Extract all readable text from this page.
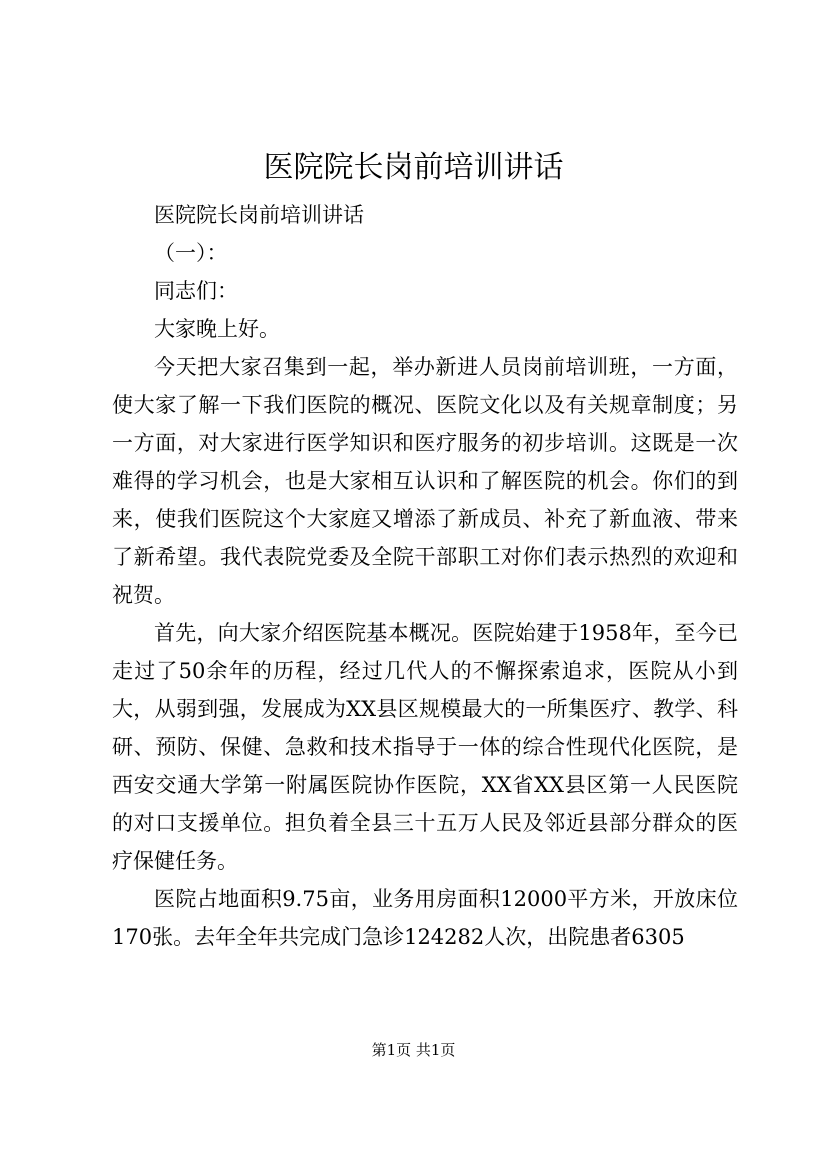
医院院长岗前培训讲话

医院院长岗前培训讲话

（一）：

同志们：

大家晚上好。

今天把大家召集到一起，举办新进人员岗前培训班，一方面，使大家了解一下我们医院的概况、医院文化以及有关规章制度；另一方面，对大家进行医学知识和医疗服务的初步培训。这既是一次难得的学习机会，也是大家相互认识和了解医院的机会。你们的到来，使我们医院这个大家庭又增添了新成员、补充了新血液、带来了新希望。我代表院党委及全院干部职工对你们表示热烈的欢迎和祝贺。

首先，向大家介绍医院基本概况。医院始建于1958年，至今已走过了50余年的历程，经过几代人的不懈探索追求，医院从小到大，从弱到强，发展成为XX县区规模最大的一所集医疗、教学、科研、预防、保健、急救和技术指导于一体的综合性现代化医院，是西安交通大学第一附属医院协作医院，XX省XX县区第一人民医院的对口支援单位。担负着全县三十五万人民及邻近县部分群众的医疗保健任务。

医院占地面积9.75亩，业务用房面积12000平方米，开放床位170张。去年全年共完成门急诊124282人次，出院患者6305

第1页 共1页
